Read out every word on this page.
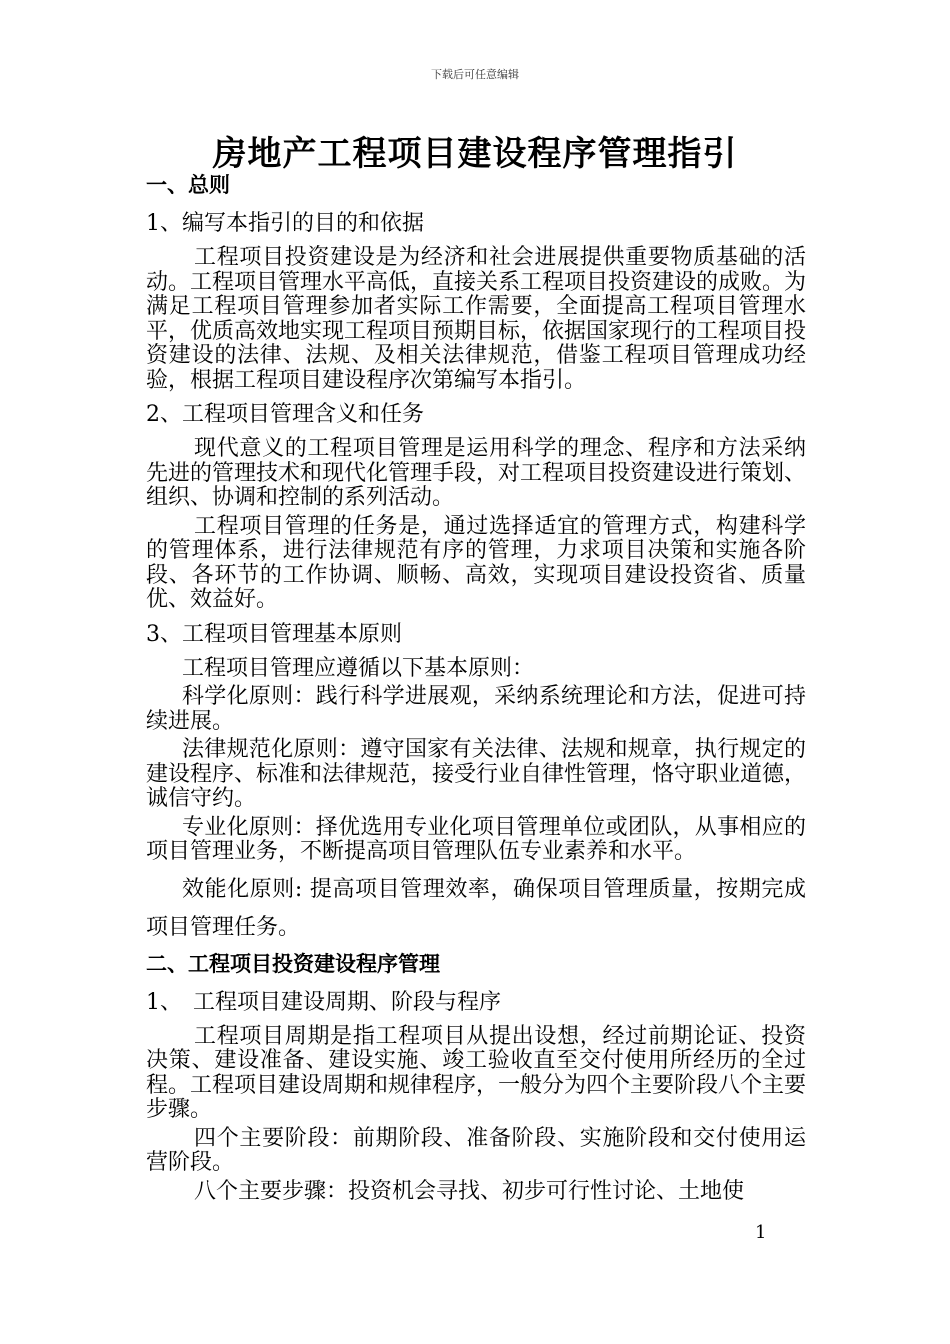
下载后可任意编辑
房地产工程项目建设程序管理指引
一、总则
1、编写本指引的目的和依据
工程项目投资建设是为经济和社会进展提供重要物质基础的活动。工程项目管理水平高低，直接关系工程项目投资建设的成败。为满足工程项目管理参加者实际工作需要，全面提高工程项目管理水平，优质高效地实现工程项目预期目标，依据国家现行的工程项目投资建设的法律、法规、及相关法律规范，借鉴工程项目管理成功经验，根据工程项目建设程序次第编写本指引。
2、工程项目管理含义和任务
现代意义的工程项目管理是运用科学的理念、程序和方法采纳先进的管理技术和现代化管理手段，对工程项目投资建设进行策划、组织、协调和控制的系列活动。
工程项目管理的任务是，通过选择适宜的管理方式，构建科学的管理体系，进行法律规范有序的管理，力求项目决策和实施各阶段、各环节的工作协调、顺畅、高效，实现项目建设投资省、质量优、效益好。
3、工程项目管理基本原则
工程项目管理应遵循以下基本原则：
科学化原则：践行科学进展观，采纳系统理论和方法，促进可持续进展。
法律规范化原则：遵守国家有关法律、法规和规章，执行规定的建设程序、标准和法律规范，接受行业自律性管理，恪守职业道德，诚信守约。
专业化原则：择优选用专业化项目管理单位或团队，从事相应的项目管理业务，不断提高项目管理队伍专业素养和水平。
效能化原则: 提高项目管理效率，确保项目管理质量，按期完成项目管理任务。
二、工程项目投资建设程序管理
1、　工程项目建设周期、阶段与程序
工程项目周期是指工程项目从提出设想，经过前期论证、投资决策、建设准备、建设实施、竣工验收直至交付使用所经历的全过程。工程项目建设周期和规律程序，一般分为四个主要阶段八个主要步骤。
四个主要阶段：前期阶段、准备阶段、实施阶段和交付使用运营阶段。
八个主要步骤：投资机会寻找、初步可行性讨论、土地使
1
